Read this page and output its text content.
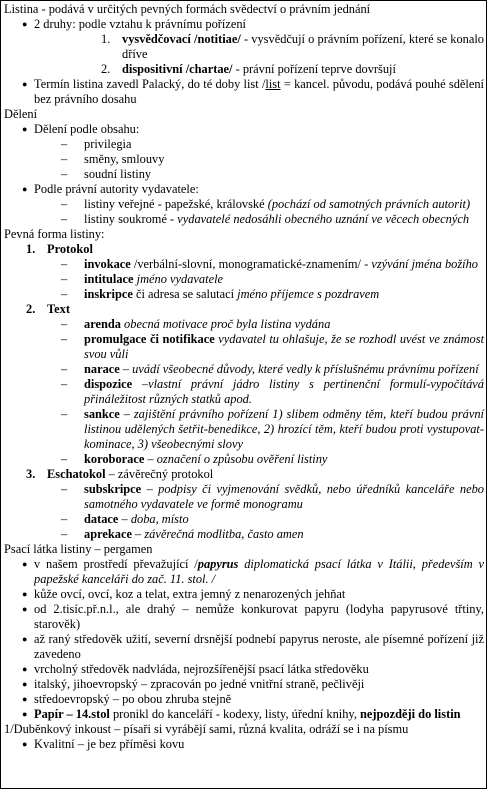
Listina - podává v určitých pevných formách svědectví o právním jednání
● 2 druhy: podle vztahu k právnímu pořízení
1. vysvědčovací /notitiae/ - vysvědčují o právním pořízení, které se konalo dříve
2. dispositivní /chartae/ - právní pořízení teprve dovršují
● Termín listina zavedl Palacký, do té doby list /list = kancel. původu, podává pouhé sdělení bez právního dosahu
Dělení
● Dělení podle obsahu:
– privilegia
– směny, smlouvy
– soudní listiny
● Podle právní autority vydavatele:
– listiny veřejné - papežské, královské (pochází od samotných právních autorit)
– listiny soukromé - vydavatelé nedosáhli obecného uznání ve věcech obecných
Pevná forma listiny:
1. Protokol
– invokace /verbální-slovní, monogramatické-znamením/ - vzývání jména božího
– intitulace jméno vydavatele
– inskripce či adresa se salutací jméno příjemce s pozdravem
2. Text
– arenda obecná motivace proč byla listina vydána
– promulgace či notifikace vydavatel tu ohlašuje, že se rozhodl uvést ve známost svou vůli
– narace – uvádí všeobecné důvody, které vedly k příslušnému právnímu pořízení
– dispozice –vlastní právní jádro listiny s pertinenční formulí-vypočítává přináležitost různých statků apod.
– sankce – zajištění právního pořízení 1) slibem odměny těm, kteří budou právní listinou udělených šetřit-benedikce, 2) hrozící těm, kteří budou proti vystupovat-kominace, 3) všeobecnými slovy
– koroborace – označení o způsobu ověření listiny
3. Eschatokol – závěrečný protokol
– subskripce – podpisy či vyjmenování svědků, nebo úředníků kanceláře nebo samotného vydavatele ve formě monogramu
– datace – doba, místo
– aprekace – závěrečná modlitba, často amen
Psací látka listiny – pergamen
● v našem prostředí převažující /papyrus diplomatická psací látka v Itálii, především v papežské kanceláři do zač. 11. stol. /
● kůže ovcí, ovcí, koz a telat, extra jemný z nenarozených jehňat
● od 2.tisíc.př.n.l., ale drahý – nemůže konkurovat papyru (lodyha papyrusové třtiny, starověk)
● až raný středověk užití, severní drsnější podnebí papyrus neroste, ale písemné pořízení již zavedeno
● vrcholný středověk nadvláda, nejrozšířenější psací látka středověku
● italský, jihoevropský – zpracován po jedné vnitřní straně, pečlivěji
● středoevropský – po obou zhruba stejně
● Papír – 14.stol pronikl do kanceláří - kodexy, listy, úřední knihy, nejpozději do listin
1/Duběnkový inkoust – písaři si vyrábějí sami, různá kvalita, odráží se i na písmu
● Kvalitní – je bez příměsi kovu
